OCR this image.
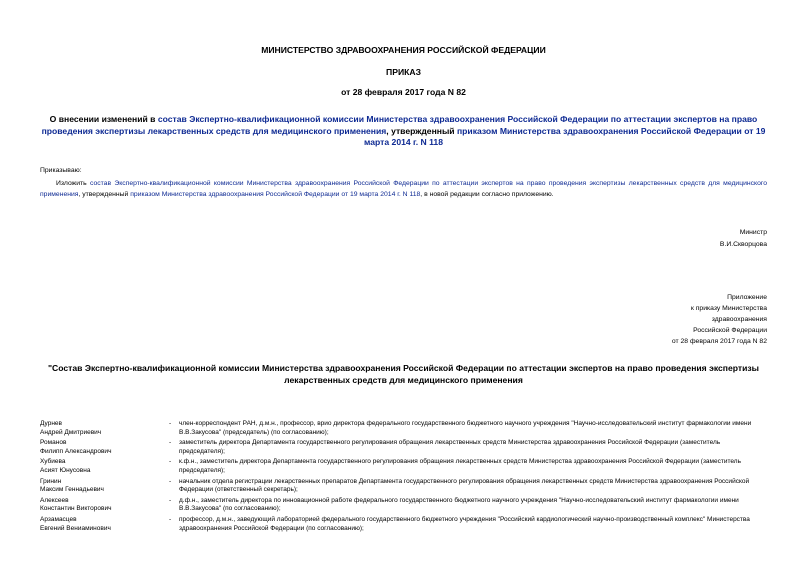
МИНИСТЕРСТВО ЗДРАВООХРАНЕНИЯ РОССИЙСКОЙ ФЕДЕРАЦИИ
ПРИКАЗ
от 28 февраля 2017 года N 82
О внесении изменений в состав Экспертно-квалификационной комиссии Министерства здравоохранения Российской Федерации по аттестации экспертов на право проведения экспертизы лекарственных средств для медицинского применения, утвержденный приказом Министерства здравоохранения Российской Федерации от 19 марта 2014 г. N 118
Приказываю:
Изложить состав Экспертно-квалификационной комиссии Министерства здравоохранения Российской Федерации по аттестации экспертов на право проведения экспертизы лекарственных средств для медицинского применения, утвержденный приказом Министерства здравоохранения Российской Федерации от 19 марта 2014 г. N 118, в новой редакции согласно приложению.
Министр
В.И.Скворцова
Приложение
к приказу Министерства
здравоохранения
Российской Федерации
от 28 февраля 2017 года N 82
"Состав Экспертно-квалификационной комиссии Министерства здравоохранения Российской Федерации по аттестации экспертов на право проведения экспертизы лекарственных средств для медицинского применения
Дурнев
Андрей Дмитриевич
-	член-корреспондент РАН, д.м.н., профессор, врио директора федерального государственного бюджетного научного учреждения "Научно-исследовательский институт фармакологии имени В.В.Закусова" (председатель) (по согласованию);
Романов
Филипп Александрович
-	заместитель директора Департамента государственного регулирования обращения лекарственных средств Министерства здравоохранения Российской Федерации (заместитель председателя);
Хубиева
Асият Юнусовна
-	к.ф.н., заместитель директора Департамента государственного регулирования обращения лекарственных средств Министерства здравоохранения Российской Федерации (заместитель председателя);
Гринин
Максим Геннадьевич
-	начальник отдела регистрации лекарственных препаратов Департамента государственного регулирования обращения лекарственных средств Министерства здравоохранения Российской Федерации (ответственный секретарь);
Алексеев
Константин Викторович
-	д.ф.н., заместитель директора по инновационной работе федерального государственного бюджетного научного учреждения "Научно-исследовательский институт фармакологии имени В.В.Закусова" (по согласованию);
Арзамасцев
Евгений Вениаминович
-	профессор, д.м.н., заведующий лабораторией федерального государственного бюджетного учреждения "Российский кардиологический научно-производственный комплекс" Министерства здравоохранения Российской Федерации (по согласованию);
